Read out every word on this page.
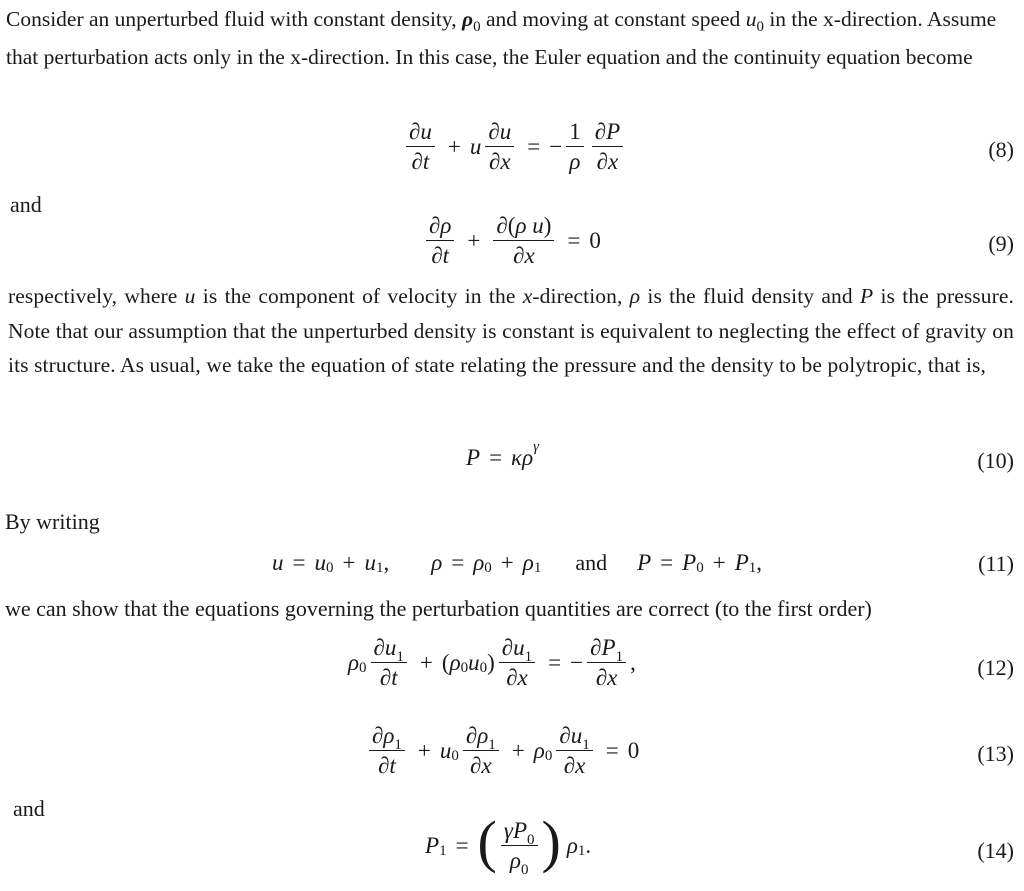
Consider an unperturbed fluid with constant density, $\rho_0$ and moving at constant speed $u_0$ in the x-direction. Assume that perturbation acts only in the x-direction. In this case, the Euler equation and the continuity equation become

$\frac{\partial u}{\partial t} + u \frac{\partial u}{\partial x}$ = − $\frac{1}{\rho} \frac{\partial P}{\partial x}$	(8)
and
$\frac{\partial\rho}{\partial t} + \frac{\text{∂(ρ u)}}{\partial x} = 0$	(9)

respectively, where u is the component of velocity in the x-direction, ρ is the fluid density and P is the pressure. Note that our assumption that the unperturbed density is constant is equivalent to neglecting the effect of gravity on its structure. As usual, we take the equation of state relating the pressure and the density to be polytropic, that is,

P = κρ γ
(10)
By writing
u = u 0 + u 1 , ρ = ρ 0 + ρ 1 and P = P 0 + P 1 ,	(11)
we can show that the equations governing the perturbation quantities are correct (to the first order)
ρ $0 \frac{\partial u_1}{\partial t}$ + ( ρ 0 u 0 ) $\frac{\partial u_1}{\partial x}$ = − $\frac{\partial P_1}{\partial x}$ ,	(12)
$\frac{\partial\rho_1}{\partial t} + u$ $0 \frac{\partial\rho_1}{\partial x} + \rho$ $0 \frac{\partial u_1}{\partial x} = 0$	(13)
and
P 1 = ( $\frac{\gamma P_0}{\rho_0}$ ) ρ 1 .	(14)
